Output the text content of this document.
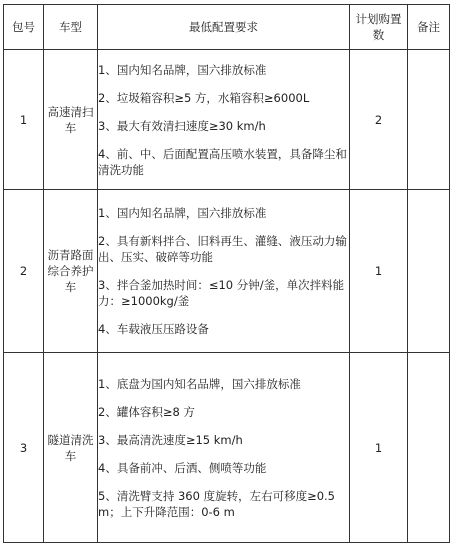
包号	车型	最低配置要求	计划购置数	备注
1	高速清扫车	1、国内知名品牌，国六排放标准

2、垃圾箱容积≥5 方，水箱容积≥6000L

3、最大有效清扫速度≥30 km/h

4、前、中、后面配置高压喷水装置，具备降尘和清洗功能	2	
2	沥青路面综合养护车	1、国内知名品牌，国六排放标准

2、具有新料拌合、旧料再生、灌缝、液压动力输出、压实、破碎等功能

3、拌合釜加热时间：≤10 分钟/釜，单次拌料能力：≥1000kg/釜

4、车载液压压路设备	1	
3	隧道清洗车	1、底盘为国内知名品牌，国六排放标准

2、罐体容积≥8 方

3、最高清洗速度≥15 km/h

4、具备前冲、后洒、侧喷等功能

5、清洗臂支持 360 度旋转，左右可移度≥0.5 m；上下升降范围：0-6 m	1	
